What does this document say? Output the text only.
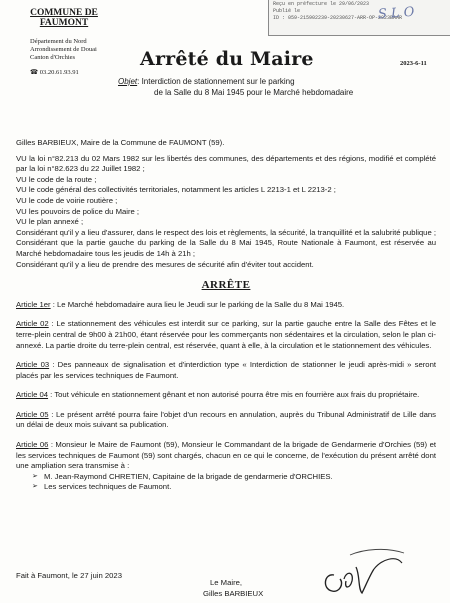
Reçu en préfecture le 29/06/2023
Publié le
ID : 059-215902239-20230627-ARR-OP-2023BAAR
S L O
COMMUNE DE
FAUMONT
Département du Nord
Arrondissement de Douai
Canton d'Orchies
☎ 03.20.61.93.91
Arrêté du Maire	2023-6-11
Objet: Interdiction de stationnement sur le parking
de la Salle du 8 Mai 1945 pour le Marché hebdomadaire

Gilles BARBIEUX, Maire de la Commune de FAUMONT (59).

VU la loi n°82.213 du 02 Mars 1982 sur les libertés des communes, des départements et des régions, modifié et complété par la loi n°82.623 du 22 Juillet 1982 ;

VU le code de la route ;

VU le code général des collectivités territoriales, notamment les articles L 2213-1 et L 2213-2 ;

VU le code de voirie routière ;

VU les pouvoirs de police du Maire ;

VU le plan annexé ;

Considérant qu'il y a lieu d'assurer, dans le respect des lois et règlements, la sécurité, la tranquillité et la salubrité publique ;

Considérant que la partie gauche du parking de la Salle du 8 Mai 1945, Route Nationale à Faumont, est réservée au Marché hebdomadaire tous les jeudis de 14h à 21h ;

Considérant qu'il y a lieu de prendre des mesures de sécurité afin d'éviter tout accident.

ARRÊTE

Article 1er : Le Marché hebdomadaire aura lieu le Jeudi sur le parking de la Salle du 8 Mai 1945.

Article 02 : Le stationnement des véhicules est interdit sur ce parking, sur la partie gauche entre la Salle des Fêtes et le terre-plein central de 9h00 à 21h00, étant réservée pour les commerçants non sédentaires et la circulation, selon le plan ci-annexé. La partie droite du terre-plein central, est réservée, quant à elle, à la circulation et le stationnement des véhicules.

Article 03 : Des panneaux de signalisation et d'interdiction type « Interdiction de stationner le jeudi après-midi » seront placés par les services techniques de Faumont.

Article 04 : Tout véhicule en stationnement gênant et non autorisé pourra être mis en fourrière aux frais du propriétaire.

Article 05 : Le présent arrêté pourra faire l'objet d'un recours en annulation, auprès du Tribunal Administratif de Lille dans un délai de deux mois suivant sa publication.

Article 06 : Monsieur le Maire de Faumont (59), Monsieur le Commandant de la brigade de Gendarmerie d'Orchies (59) et les services techniques de Faumont (59) sont chargés, chacun en ce qui le concerne, de l'exécution du présent arrêté dont une ampliation sera transmise à :

➢ M. Jean-Raymond CHRETIEN, Capitaine de la brigade de gendarmerie d'ORCHIES.
➢ Les services techniques de Faumont.
Fait à Faumont, le 27 juin 2023
Le Maire,
Gilles BARBIEUX
